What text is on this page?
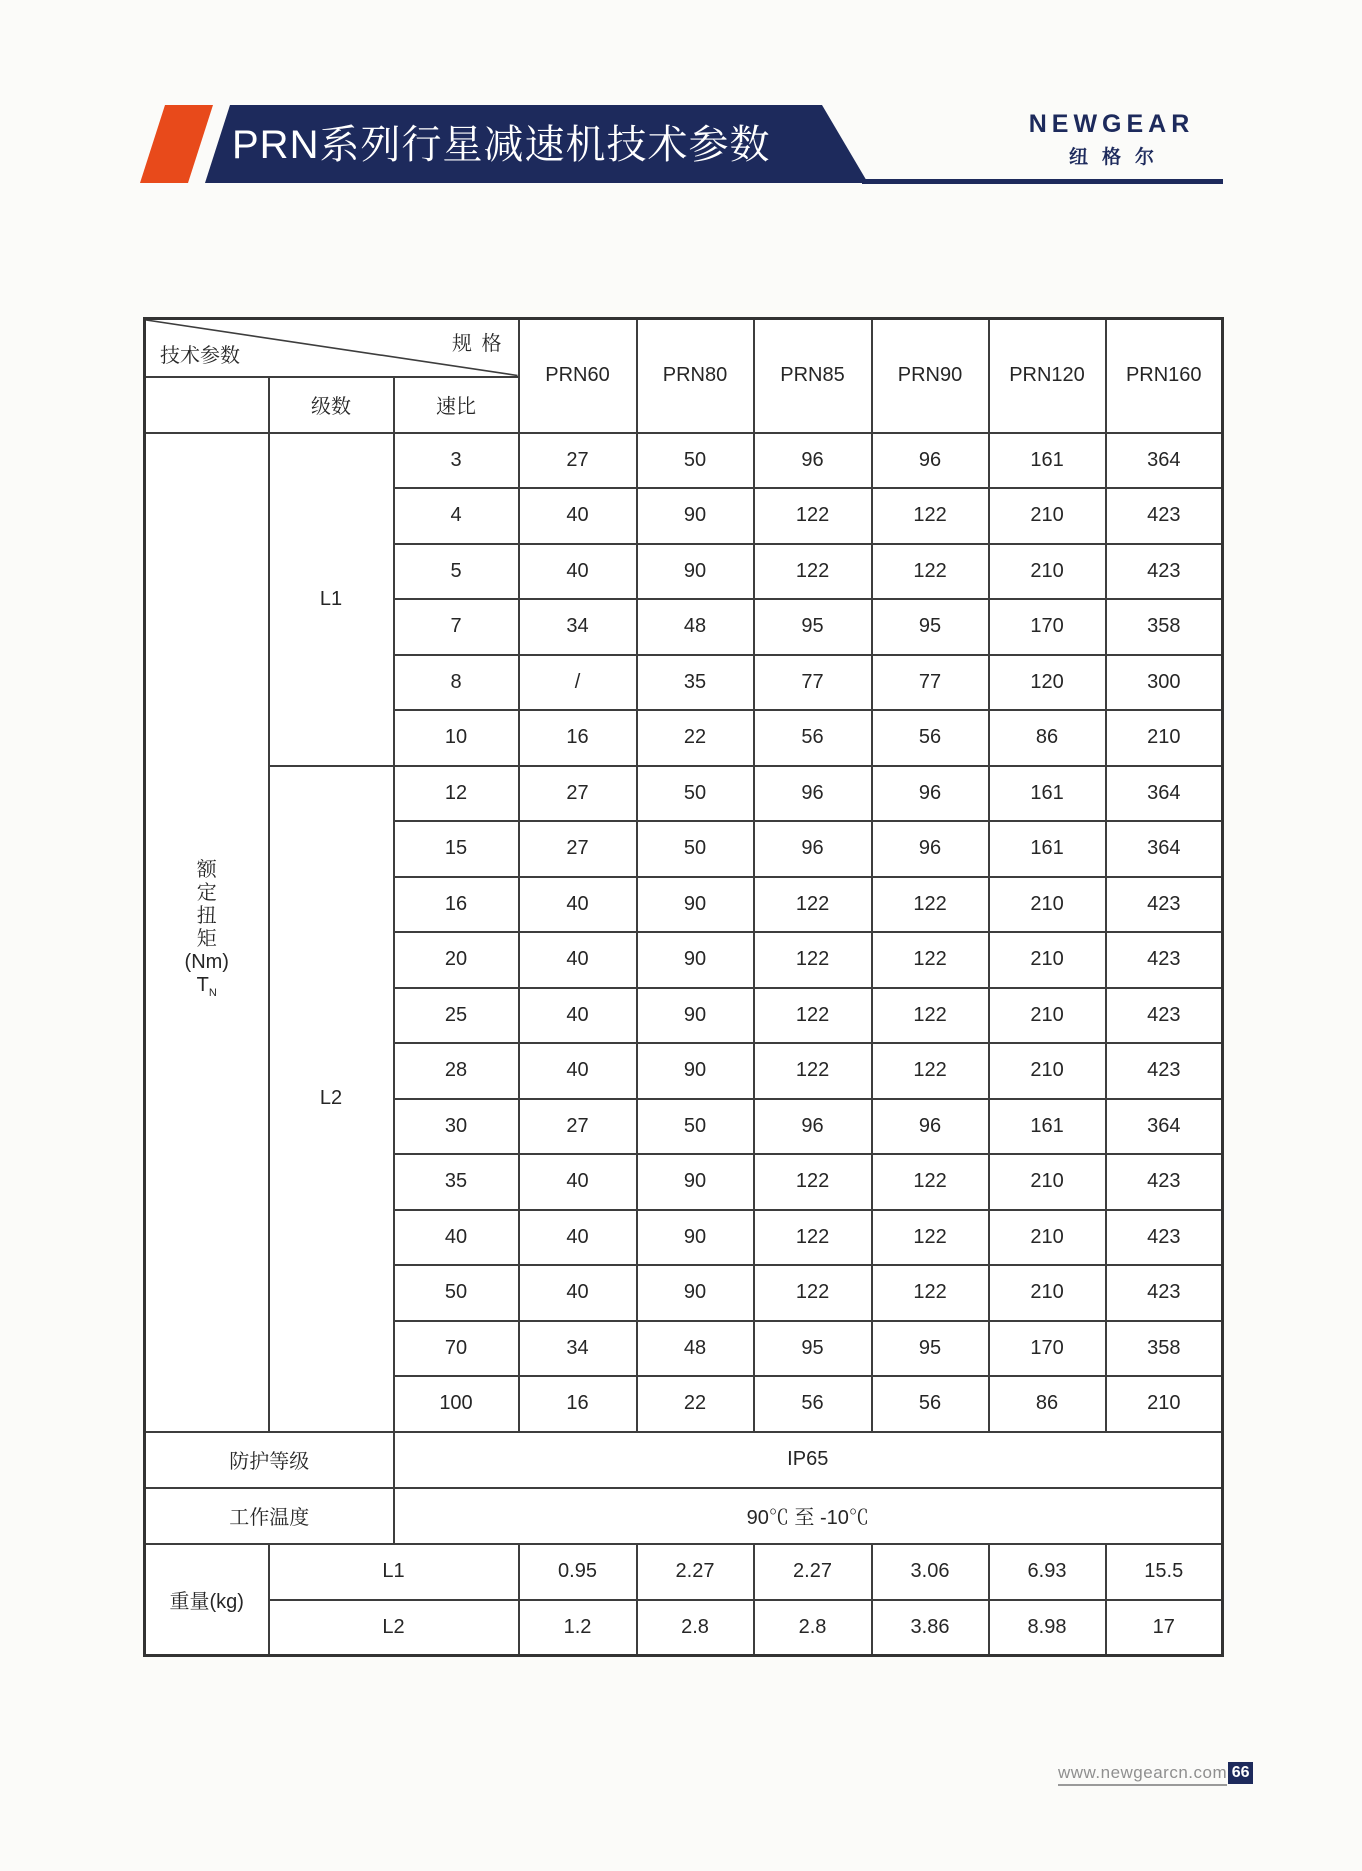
PRN系列行星减速机技术参数	NEWGEAR
纽格尔
规 格
技术参数			PRN60	PRN80	PRN85	PRN90	PRN120	PRN160
	级数	速比						

额
定
扭
矩
(Nm)
$T_N$
	L1	3	27	50	96	96	161	364
		4	40	90	122	122	210	423
		5	40	90	122	122	210	423
		7	34	48	95	95	170	358
		8	/	35	77	77	120	300
		10	16	22	56	56	86	210
	L2	12	27	50	96	96	161	364
		15	27	50	96	96	161	364
		16	40	90	122	122	210	423
		20	40	90	122	122	210	423
		25	40	90	122	122	210	423
		28	40	90	122	122	210	423
		30	27	50	96	96	161	364
		35	40	90	122	122	210	423
		40	40	90	122	122	210	423
		50	40	90	122	122	210	423
		70	34	48	95	95	170	358
		100	16	22	56	56	86	210
防护等级		IP65						
工作温度		90℃ 至 -10℃						
重量(kg)	L1		0.95	2.27	2.27	3.06	6.93	15.5
	L2		1.2	2.8	2.8	3.86	8.98	17
www.newgearcn.com 66
